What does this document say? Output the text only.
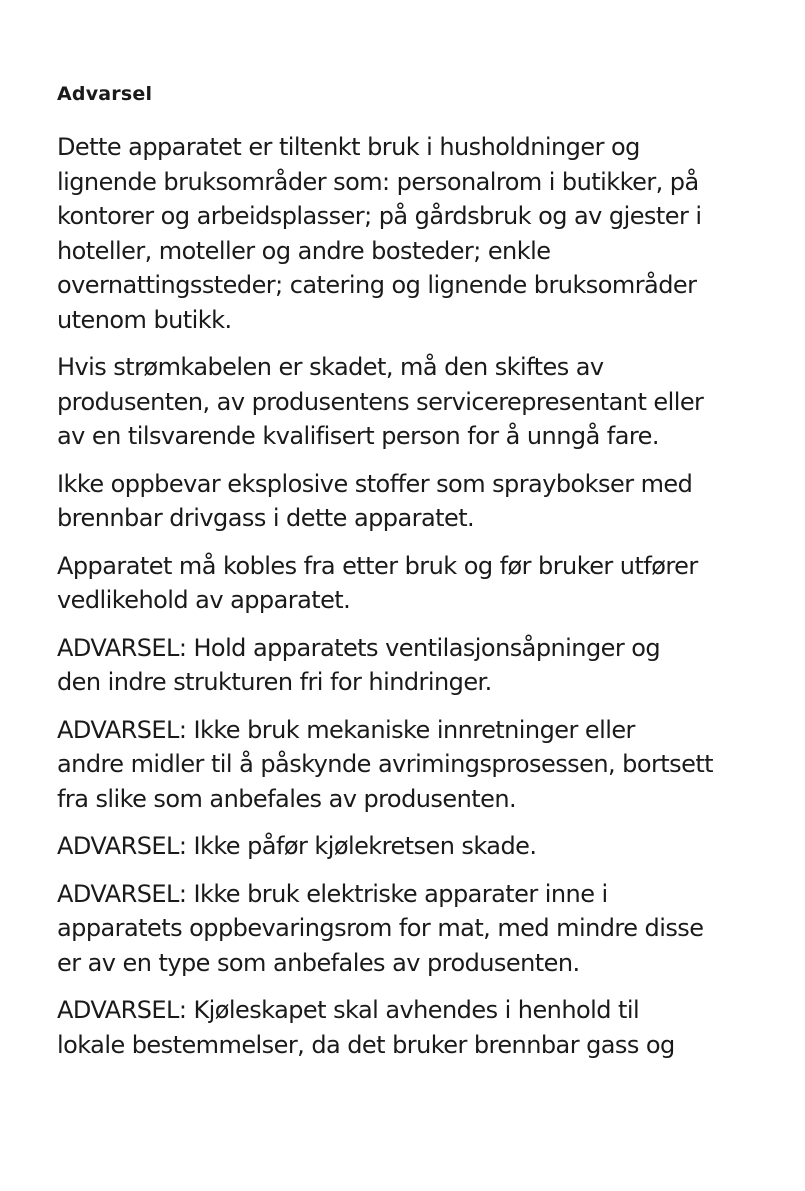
Advarsel
Dette apparatet er tiltenkt bruk i husholdninger og
lignende bruksområder som: personalrom i butikker, på
kontorer og arbeidsplasser; på gårdsbruk og av gjester i
hoteller, moteller og andre bosteder; enkle
overnattingssteder; catering og lignende bruksområder
utenom butikk.
Hvis strømkabelen er skadet, må den skiftes av
produsenten, av produsentens servicerepresentant eller
av en tilsvarende kvalifisert person for å unngå fare.
Ikke oppbevar eksplosive stoffer som spraybokser med
brennbar drivgass i dette apparatet.
Apparatet må kobles fra etter bruk og før bruker utfører
vedlikehold av apparatet.
ADVARSEL: Hold apparatets ventilasjonsåpninger og
den indre strukturen fri for hindringer.
ADVARSEL: Ikke bruk mekaniske innretninger eller
andre midler til å påskynde avrimingsprosessen, bortsett
fra slike som anbefales av produsenten.
ADVARSEL: Ikke påfør kjølekretsen skade.
ADVARSEL: Ikke bruk elektriske apparater inne i
apparatets oppbevaringsrom for mat, med mindre disse
er av en type som anbefales av produsenten.
ADVARSEL: Kjøleskapet skal avhendes i henhold til
lokale bestemmelser, da det bruker brennbar gass og
